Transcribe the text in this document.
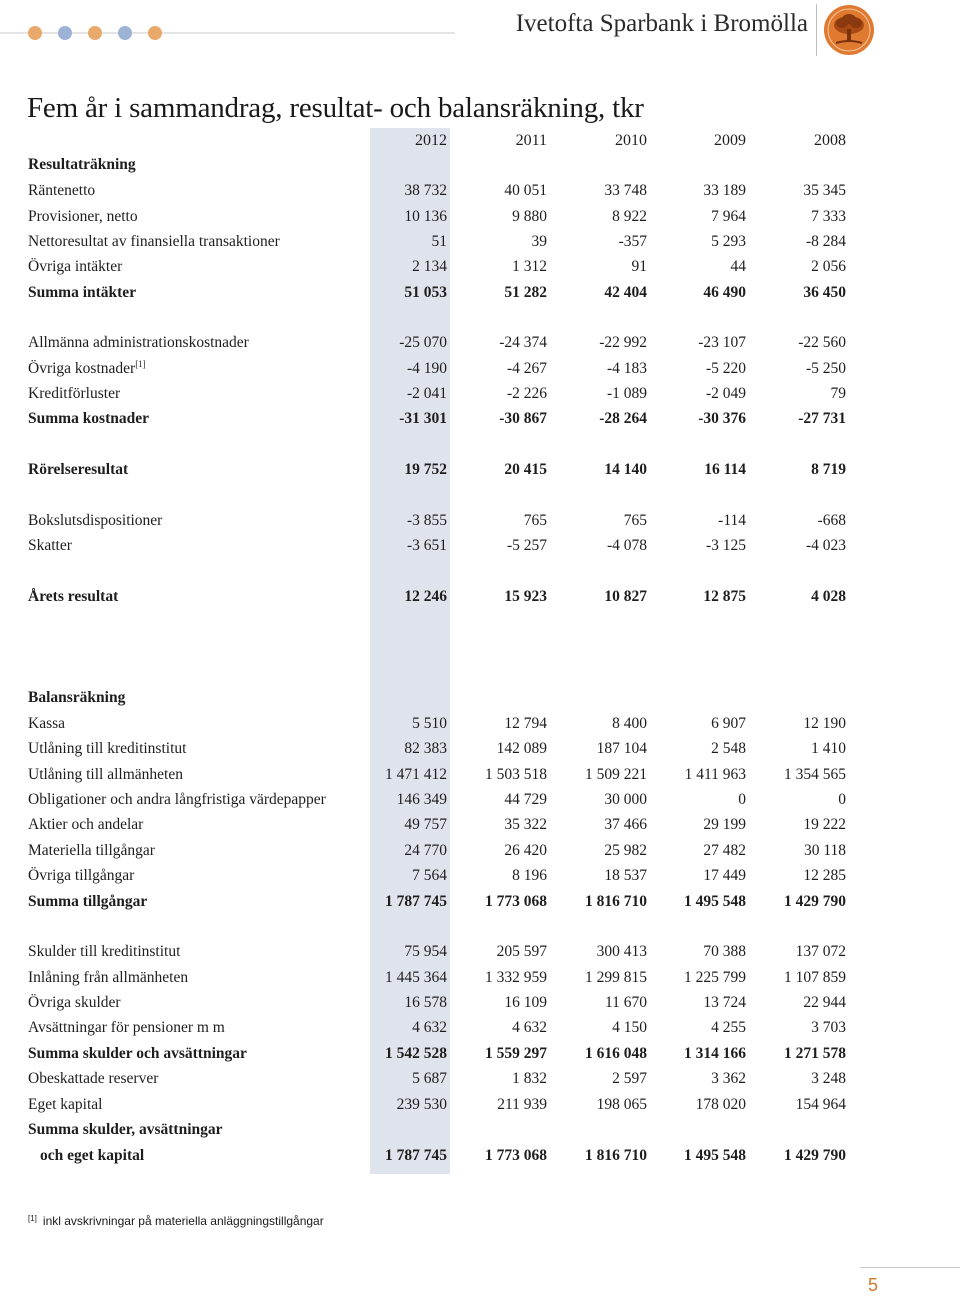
Ivetofta Sparbank i Bromölla
Fem år i sammandrag, resultat- och balansräkning, tkr
2012	2011	2010	2009	2008
Resultaträkning
Räntenetto	38 732	40 051	33 748	33 189	35 345
Provisioner, netto	10 136	9 880	8 922	7 964	7 333
Nettoresultat av finansiella transaktioner	51	39	-357	5 293	-8 284
Övriga intäkter	2 134	1 312	91	44	2 056
Summa intäkter	51 053	51 282	42 404	46 490	36 450
Allmänna administrationskostnader	-25 070	-24 374	-22 992	-23 107	-22 560
Övriga kostnader[1]	-4 190	-4 267	-4 183	-5 220	-5 250
Kreditförluster	-2 041	-2 226	-1 089	-2 049	79
Summa kostnader	-31 301	-30 867	-28 264	-30 376	-27 731
Rörelseresultat	19 752	20 415	14 140	16 114	8 719
Bokslutsdispositioner	-3 855	765	765	-114	-668
Skatter	-3 651	-5 257	-4 078	-3 125	-4 023
Årets resultat	12 246	15 923	10 827	12 875	4 028
Balansräkning
Kassa	5 510	12 794	8 400	6 907	12 190
Utlåning till kreditinstitut	82 383	142 089	187 104	2 548	1 410
Utlåning till allmänheten	1 471 412	1 503 518	1 509 221	1 411 963	1 354 565
Obligationer och andra långfristiga värdepapper	146 349	44 729	30 000	0	0
Aktier och andelar	49 757	35 322	37 466	29 199	19 222
Materiella tillgångar	24 770	26 420	25 982	27 482	30 118
Övriga tillgångar	7 564	8 196	18 537	17 449	12 285
Summa tillgångar	1 787 745	1 773 068	1 816 710	1 495 548	1 429 790
Skulder till kreditinstitut	75 954	205 597	300 413	70 388	137 072
Inlåning från allmänheten	1 445 364	1 332 959	1 299 815	1 225 799	1 107 859
Övriga skulder	16 578	16 109	11 670	13 724	22 944
Avsättningar för pensioner m m	4 632	4 632	4 150	4 255	3 703
Summa skulder och avsättningar	1 542 528	1 559 297	1 616 048	1 314 166	1 271 578
Obeskattade reserver	5 687	1 832	2 597	3 362	3 248
Eget kapital	239 530	211 939	198 065	178 020	154 964
Summa skulder, avsättningar
och eget kapital	1 787 745	1 773 068	1 816 710	1 495 548	1 429 790
[1] inkl avskrivningar på materiella anläggningstillgångar
5
